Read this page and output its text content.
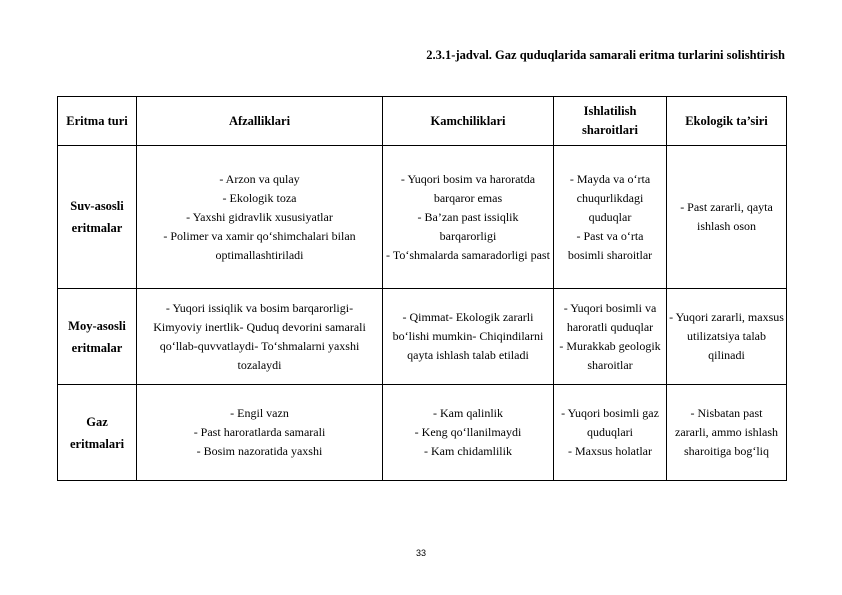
2.3.1-jadval. Gaz quduqlarida samarali eritma turlarini solishtirish
Eritma turi	Afzalliklari	Kamchiliklari	Ishlatilish sharoitlari	Ekologik ta’siri
Suv-asosli eritmalar	- Arzon va qulay
- Ekologik toza
- Yaxshi gidravlik xususiyatlar
- Polimer va xamir qo‘shimchalari bilan optimallashtiriladi	- Yuqori bosim va haroratda barqaror emas
- Ba’zan past issiqlik barqarorligi
- To‘shmalarda samaradorligi past	- Mayda va o‘rta chuqurlikdagi quduqlar
- Past va o‘rta bosimli sharoitlar	- Past zararli, qayta ishlash oson

Moy-asosli eritmalar	- Yuqori issiqlik va bosim barqarorligi- Kimyoviy inertlik- Quduq devorini samarali qo‘llab-quvvatlaydi- To‘shmalarni yaxshi tozalaydi	- Qimmat- Ekologik zararli bo‘lishi mumkin- Chiqindilarni qayta ishlash talab etiladi	- Yuqori bosimli va haroratli quduqlar
- Murakkab geologik sharoitlar	- Yuqori zararli, maxsus utilizatsiya talab qilinadi

Gaz eritmalari	- Engil vazn
- Past haroratlarda samarali
- Bosim nazoratida yaxshi	- Kam qalinlik
- Keng qo‘llanilmaydi
- Kam chidamlilik	- Yuqori bosimli gaz quduqlari
- Maxsus holatlar	- Nisbatan past zararli, ammo ishlash sharoitiga bog‘liq
33
